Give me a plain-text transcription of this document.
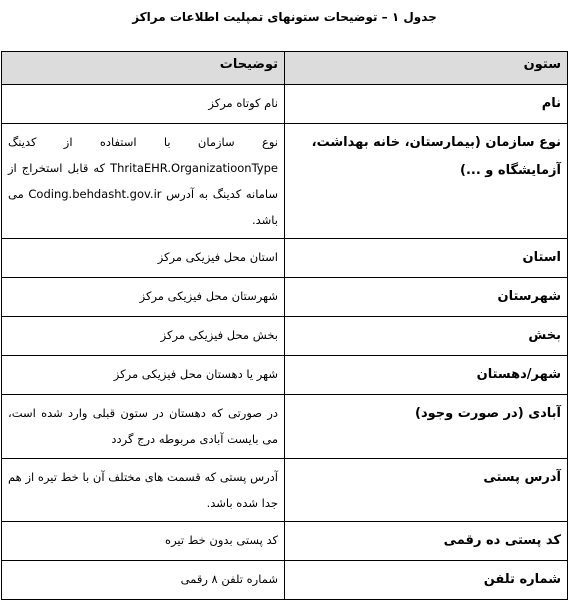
جدول ۱ – توضیحات ستونهای تمپلیت اطلاعات مراکز
ستون	توضیحات
نام	نام کوتاه مرکز
نوع سازمان (بیمارستان، خانه بهداشت، آزمایشگاه و ...)	نوع سازمان با استفاده از کدینگ ThritaEHR.OrganizatioonType که قابل استخراج از سامانه کدینگ به آدرس Coding.behdasht.gov.ir می باشد.
استان	استان محل فیزیکی مرکز
شهرستان	شهرستان محل فیزیکی مرکز
بخش	بخش محل فیزیکی مرکز
شهر/دهستان	شهر یا دهستان محل فیزیکی مرکز
آبادی (در صورت وجود)	در صورتی که دهستان در ستون قبلی وارد شده است، می بایست آبادی مربوطه درج گردد
آدرس پستی	آدرس پستی که قسمت های مختلف آن با خط تیره از هم جدا شده باشد.
کد پستی ده رقمی	کد پستی بدون خط تیره
شماره تلفن	شماره تلفن ۸ رقمی
